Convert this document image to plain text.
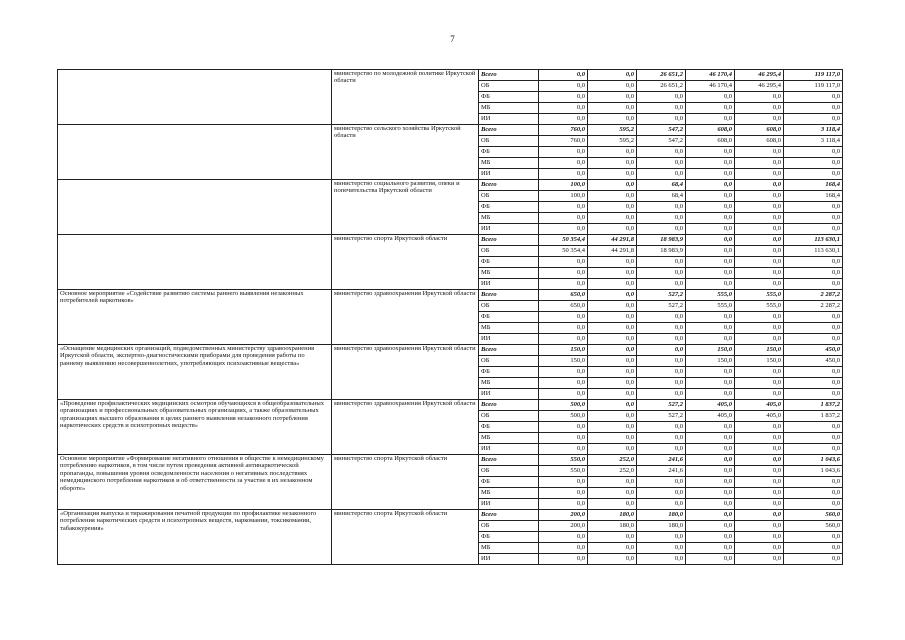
7
	министерство по молодежной политике Иркутской области	Всего	0,0	0,0	26 651,2	46 170,4	46 295,4	119 117,0
		ОБ	0,0	0,0	26 651,2	46 170,4	46 295,4	119 117,0
		ФБ	0,0	0,0	0,0	0,0	0,0	0,0
		МБ	0,0	0,0	0,0	0,0	0,0	0,0
		ИИ	0,0	0,0	0,0	0,0	0,0	0,0
	министерство сельского хозяйства Иркутской области	Всего	760,0	595,2	547,2	608,0	608,0	3 118,4
		ОБ	760,0	595,2	547,2	608,0	608,0	3 118,4
		ФБ	0,0	0,0	0,0	0,0	0,0	0,0
		МБ	0,0	0,0	0,0	0,0	0,0	0,0
		ИИ	0,0	0,0	0,0	0,0	0,0	0,0
	министерство социального развития, опеки и попечительства Иркутской области	Всего	100,0	0,0	68,4	0,0	0,0	168,4
		ОБ	100,0	0,0	68,4	0,0	0,0	168,4
		ФБ	0,0	0,0	0,0	0,0	0,0	0,0
		МБ	0,0	0,0	0,0	0,0	0,0	0,0
		ИИ	0,0	0,0	0,0	0,0	0,0	0,0
	министерство спорта Иркутской области	Всего	50 354,4	44 291,8	18 983,9	0,0	0,0	113 630,1
		ОБ	50 354,4	44 291,8	18 983,9	0,0	0,0	113 630,1
		ФБ	0,0	0,0	0,0	0,0	0,0	0,0
		МБ	0,0	0,0	0,0	0,0	0,0	0,0
		ИИ	0,0	0,0	0,0	0,0	0,0	0,0
Основное мероприятие «Содействие развитию системы раннего выявления незаконных потребителей наркотиков»	министерство здравоохранения Иркутской области	Всего	650,0	0,0	527,2	555,0	555,0	2 287,2
		ОБ	650,0	0,0	527,2	555,0	555,0	2 287,2
		ФБ	0,0	0,0	0,0	0,0	0,0	0,0
		МБ	0,0	0,0	0,0	0,0	0,0	0,0
		ИИ	0,0	0,0	0,0	0,0	0,0	0,0
«Оснащение медицинских организаций, подведомственных министерству здравоохранения Иркутской области, экспертно-диагностическими приборами для проведения работы по раннему выявлению несовершеннолетних, употребляющих психоактивные вещества»	министерство здравоохранения Иркутской области	Всего	150,0	0,0	0,0	150,0	150,0	450,0
		ОБ	150,0	0,0	0,0	150,0	150,0	450,0
		ФБ	0,0	0,0	0,0	0,0	0,0	0,0
		МБ	0,0	0,0	0,0	0,0	0,0	0,0
		ИИ	0,0	0,0	0,0	0,0	0,0	0,0
«Проведение профилактических медицинских осмотров обучающихся в общеобразовательных организациях и профессиональных образовательных организациях, а также образовательных организациях высшего образования в целях раннего выявления незаконного потребления наркотических средств и психотропных веществ»	министерство здравоохранения Иркутской области	Всего	500,0	0,0	527,2	405,0	405,0	1 837,2
		ОБ	500,0	0,0	527,2	405,0	405,0	1 837,2
		ФБ	0,0	0,0	0,0	0,0	0,0	0,0
		МБ	0,0	0,0	0,0	0,0	0,0	0,0
		ИИ	0,0	0,0	0,0	0,0	0,0	0,0
Основное мероприятие «Формирование негативного отношения в обществе к немедицинскому потреблению наркотиков, в том числе путем проведения активной антинаркотической пропаганды, повышения уровня осведомленности населения о негативных последствиях немедицинского потребления наркотиков и об ответственности за участие в их незаконном обороте»	министерство спорта Иркутской области	Всего	550,0	252,0	241,6	0,0	0,0	1 043,6
		ОБ	550,0	252,0	241,6	0,0	0,0	1 043,6
		ФБ	0,0	0,0	0,0	0,0	0,0	0,0
		МБ	0,0	0,0	0,0	0,0	0,0	0,0
		ИИ	0,0	0,0	0,0	0,0	0,0	0,0
«Организация выпуска и тиражирования печатной продукции по профилактике незаконного потребления наркотических средств и психотропных веществ, наркомании, токсикомании, табакокурения»	министерство спорта Иркутской области	Всего	200,0	180,0	180,0	0,0	0,0	560,0
		ОБ	200,0	180,0	180,0	0,0	0,0	560,0
		ФБ	0,0	0,0	0,0	0,0	0,0	0,0
		МБ	0,0	0,0	0,0	0,0	0,0	0,0
		ИИ	0,0	0,0	0,0	0,0	0,0	0,0
